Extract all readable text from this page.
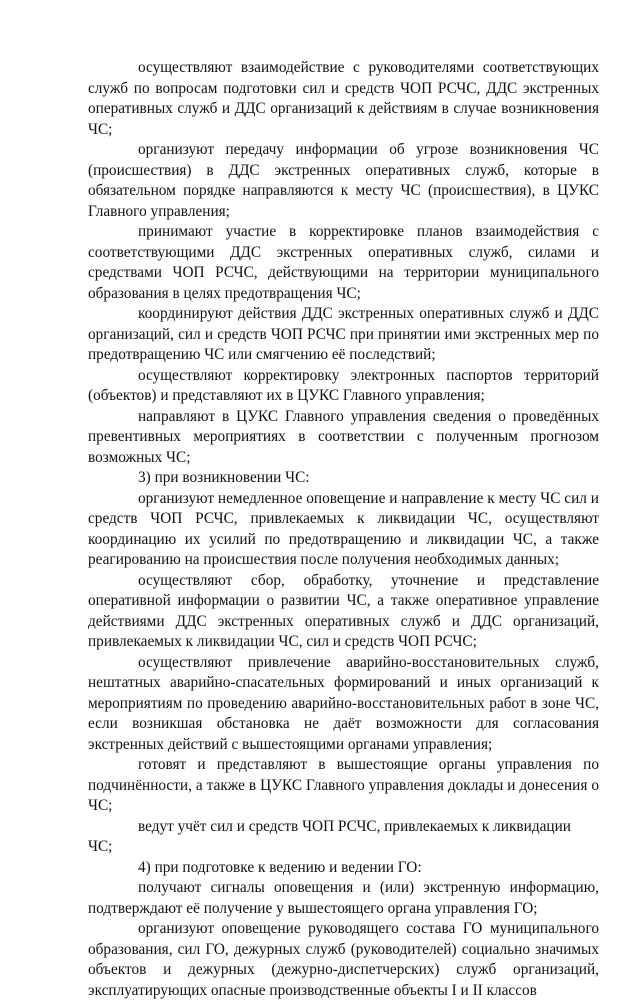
осуществляют взаимодействие с руководителями соответствующих служб по вопросам подготовки сил и средств ЧОП РСЧС, ДДС экстренных оперативных служб и ДДС организаций к действиям в случае возникновения ЧС;

организуют передачу информации об угрозе возникновения ЧС (происшествия) в ДДС экстренных оперативных служб, которые в обязательном порядке направляются к месту ЧС (происшествия), в ЦУКС Главного управления;

принимают участие в корректировке планов взаимодействия с соответствующими ДДС экстренных оперативных служб, силами и средствами ЧОП РСЧС, действующими на территории муниципального образования в целях предотвращения ЧС;

координируют действия ДДС экстренных оперативных служб и ДДС организаций, сил и средств ЧОП РСЧС при принятии ими экстренных мер по предотвращению ЧС или смягчению её последствий;

осуществляют корректировку электронных паспортов территорий (объектов) и представляют их в ЦУКС Главного управления;

направляют в ЦУКС Главного управления сведения о проведённых превентивных мероприятиях в соответствии с полученным прогнозом возможных ЧС;

3) при возникновении ЧС:

организуют немедленное оповещение и направление к месту ЧС сил и средств ЧОП РСЧС, привлекаемых к ликвидации ЧС, осуществляют координацию их усилий по предотвращению и ликвидации ЧС, а также реагированию на происшествия после получения необходимых данных;

осуществляют сбор, обработку, уточнение и представление оперативной информации о развитии ЧС, а также оперативное управление действиями ДДС экстренных оперативных служб и ДДС организаций, привлекаемых к ликвидации ЧС, сил и средств ЧОП РСЧС;

осуществляют привлечение аварийно-восстановительных служб, нештатных аварийно-спасательных формирований и иных организаций к мероприятиям по проведению аварийно-восстановительных работ в зоне ЧС, если возникшая обстановка не даёт возможности для согласования экстренных действий с вышестоящими органами управления;

готовят и представляют в вышестоящие органы управления по подчинённости, а также в ЦУКС Главного управления доклады и донесения о ЧС;

ведут учёт сил и средств ЧОП РСЧС, привлекаемых к ликвидации ЧС;

4) при подготовке к ведению и ведении ГО:

получают сигналы оповещения и (или) экстренную информацию, подтверждают её получение у вышестоящего органа управления ГО;

организуют оповещение руководящего состава ГО муниципального образования, сил ГО, дежурных служб (руководителей) социально значимых объектов и дежурных (дежурно-диспетчерских) служб организаций, эксплуатирующих опасные производственные объекты I и II классов
